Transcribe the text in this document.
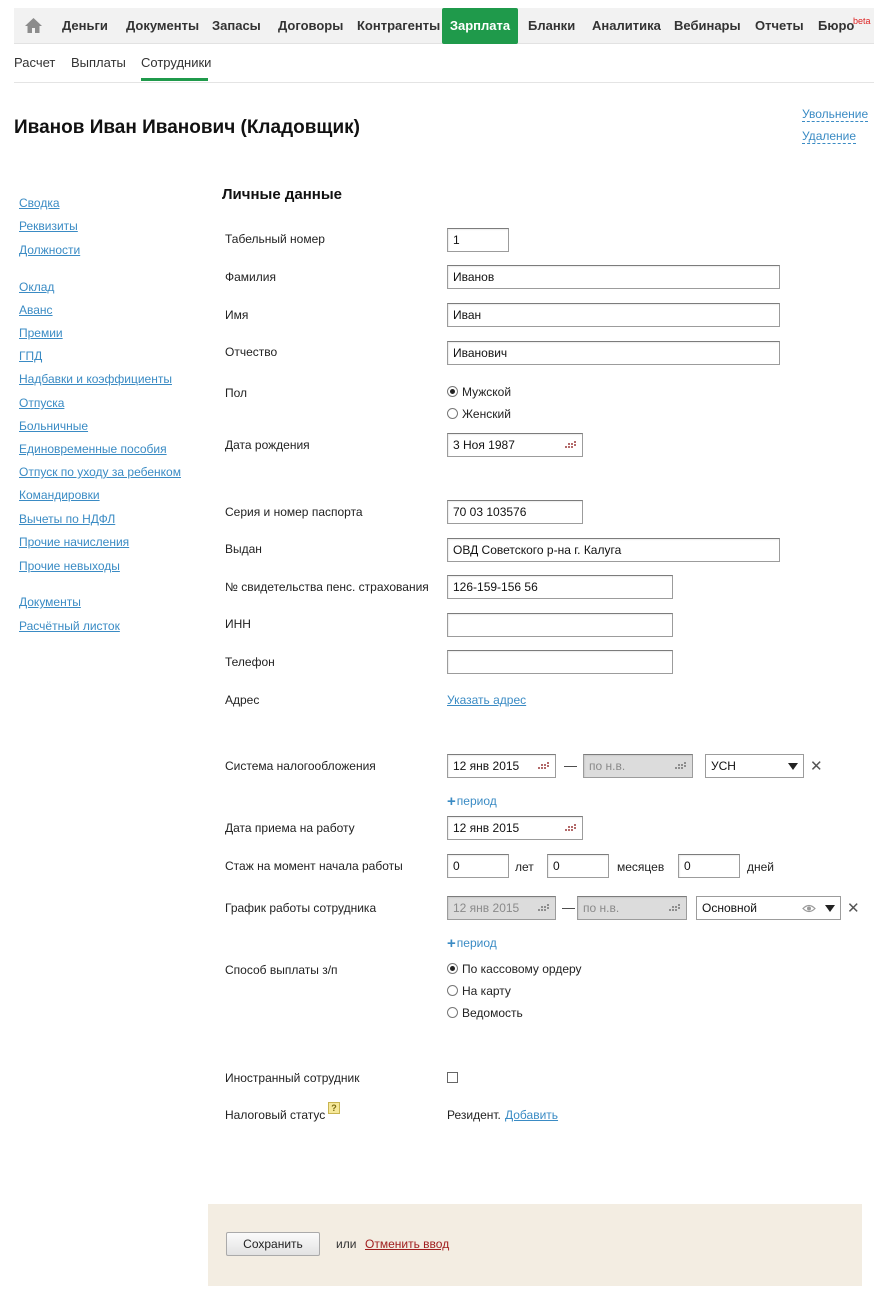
Деньги Документы Запасы Договоры Контрагенты Зарплата	Бланки Аналитика Вебинары Отчеты Бюро
beta
Расчет Выплаты Сотрудники
Иванов Иван Иванович (Кладовщик)
Увольнение
Удаление
Сводка
Реквизиты
Должности
Оклад
Аванс
Премии
ГПД
Надбавки и коэффициенты
Отпуска
Больничные
Единовременные пособия
Отпуск по уходу за ребенком
Командировки
Вычеты по НДФЛ
Прочие начисления
Прочие невыходы
Документы
Расчётный листок
Личные данные
Табельный номер	1
Фамилия	Иванов
Имя	Иван
Отчество	Иванович
Пол	Мужской
Женский
Дата рождения	3 Ноя 1987
Серия и номер паспорта	70 03 103576
Выдан	ОВД Советского р-на г. Калуга
№ свидетельства пенс. страхования	126-159-156 56
ИНН
Телефон
Адрес	Указать адрес
Система налогообложения	12 янв 2015	—	по н.в.	УСН	✕
+период
Дата приема на работу	12 янв 2015
Стаж на момент начала работы	0	лет	0	месяцев	0	дней
График работы сотрудника	12 янв 2015	— по н.в.	Основной	✕
+период
Способ выплаты з/п	По кассовому ордеру
На карту
Ведомость
Иностранный сотрудник
Налоговый статус ?	Резидент. Добавить
Сохранить	или Отменить ввод
